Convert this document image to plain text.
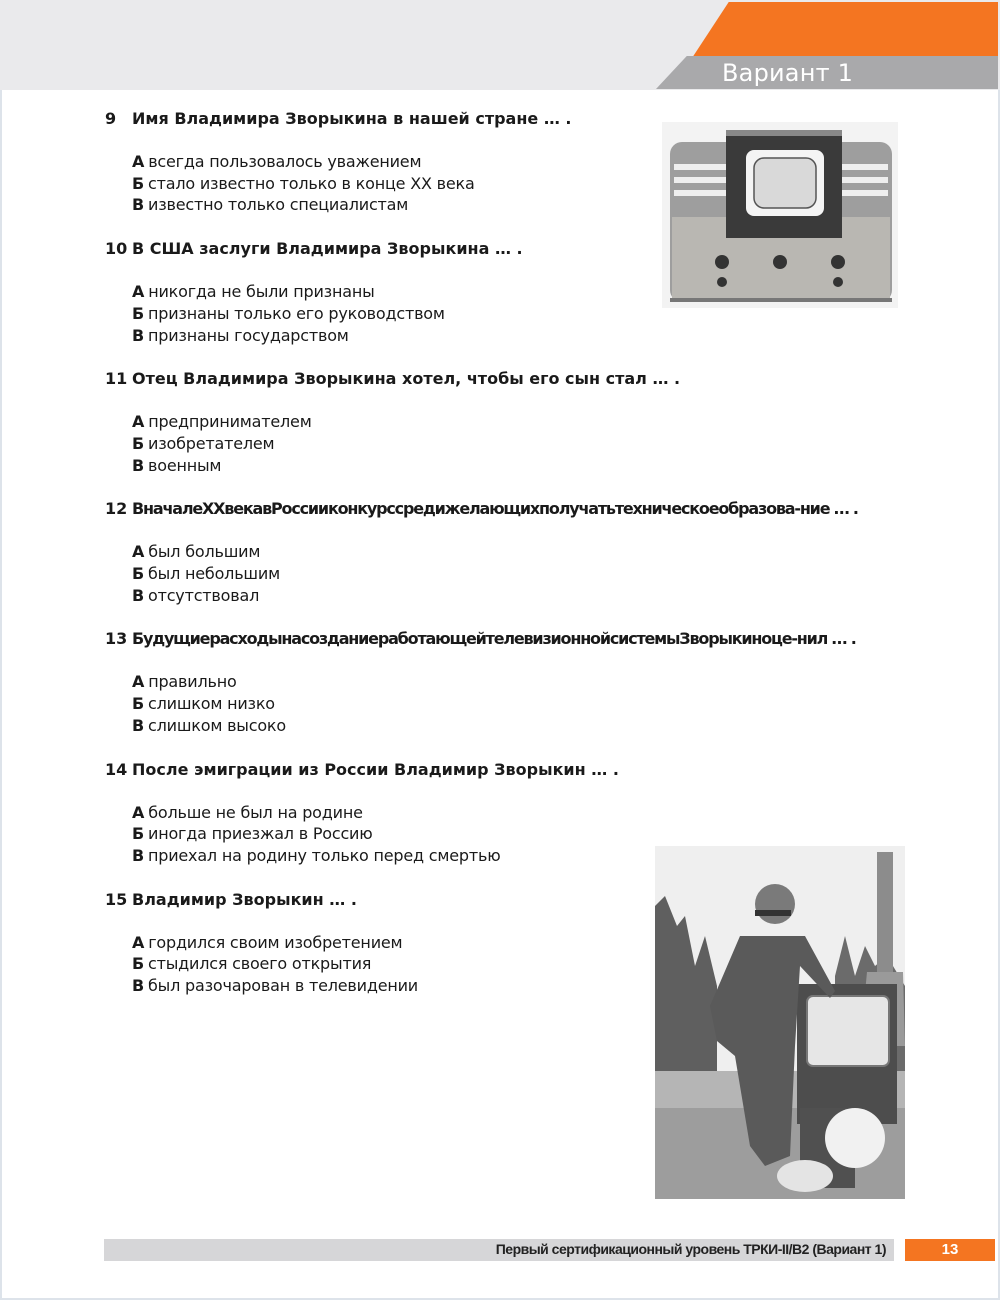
Вариант 1
9 Имя Владимира Зворыкина в нашей стране … .
А всегда пользовалось уважением
Б стало известно только в конце XX века
В известно только специалистам
10 В США заслуги Владимира Зворыкина … .
А никогда не были признаны
Б признаны только его руководством
В признаны государством
11 Отец Владимира Зворыкина хотел, чтобы его сын стал … .
А предпринимателем
Б изобретателем
В военным
12 ВначалеXXвекавРоссииконкурссредижелающихполучатьтехническоеобразова-ние … .
А был большим
Б был небольшим
В отсутствовал
13 БудущиерасходынасозданиеработающейтелевизионнойсистемыЗворыкиноце-нил … .
А правильно
Б слишком низко
В слишком высоко
14 После эмиграции из России Владимир Зворыкин … .
А больше не был на родине
Б иногда приезжал в Россию
В приехал на родину только перед смертью
15 Владимир Зворыкин … .
А гордился своим изобретением
Б стыдился своего открытия
В был разочарован в телевидении
Первый сертификационный уровень ТРКИ-II/B2 (Вариант 1)	13
